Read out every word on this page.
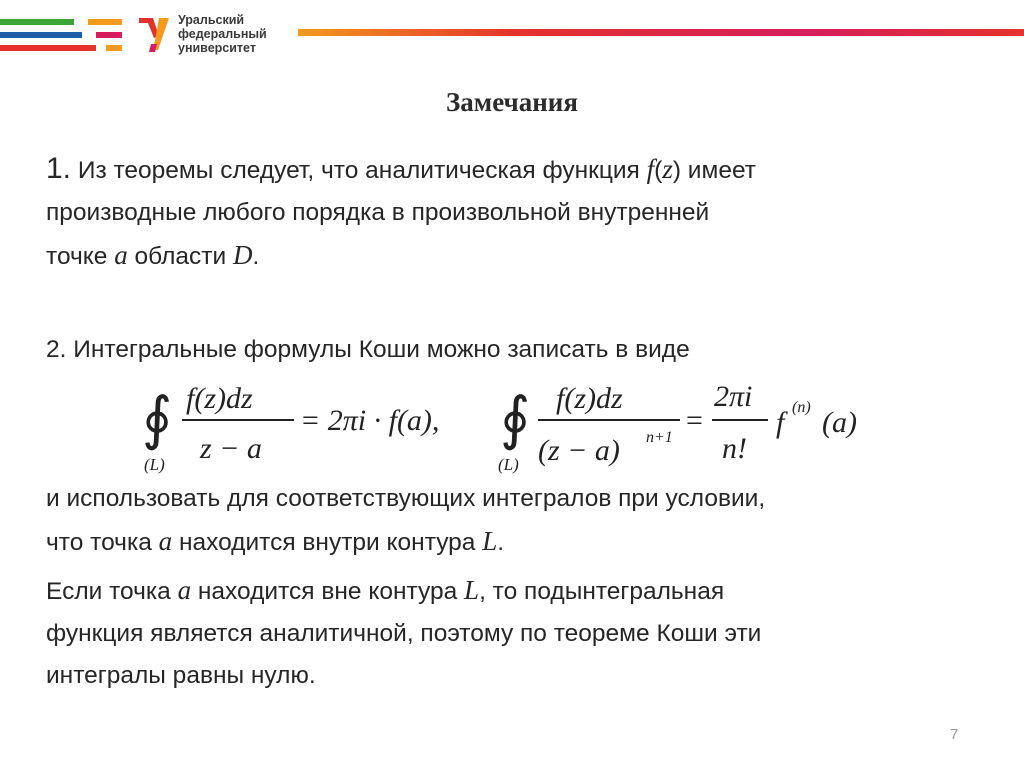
Уральский
федеральный
университет
Замечания
1. Из теоремы следует, что аналитическая функция f(z) имеет
производные любого порядка в произвольной внутренней
точке a области D.
2. Интегральные формулы Коши можно записать в виде
∮
(L)
f(z)dz
z − a
= 2πi · f(a), ∮
(L)
f(z)dz
(z − a) n+1
=
2πi
n!
f (n) (a)
и использовать для соответствующих интегралов при условии,
что точка a находится внутри контура L.
Если точка a находится вне контура L, то подынтегральная
функция является аналитичной, поэтому по теореме Коши эти
интегралы равны нулю.
7
